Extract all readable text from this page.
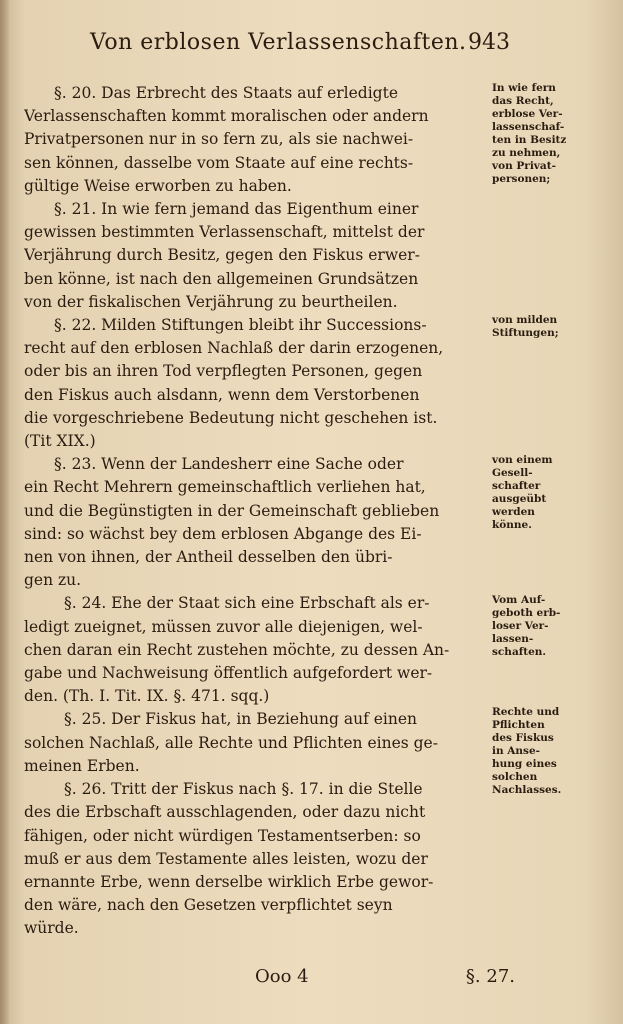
Von erblosen Verlassenschaften. 943

§. 20. Das Erbrecht des Staats auf erledigte
Verlassenschaften kommt moralischen oder andern
Privatpersonen nur in so fern zu, als sie nachwei-
sen können, dasselbe vom Staate auf eine rechts-
gültige Weise erworben zu haben.

§. 21. In wie fern jemand das Eigenthum einer
gewissen bestimmten Verlassenschaft, mittelst der
Verjährung durch Besitz, gegen den Fiskus erwer-
ben könne, ist nach den allgemeinen Grundsätzen
von der fiskalischen Verjährung zu beurtheilen.

§. 22. Milden Stiftungen bleibt ihr Successions-
recht auf den erblosen Nachlaß der darin erzogenen,
oder bis an ihren Tod verpflegten Personen, gegen
den Fiskus auch alsdann, wenn dem Verstorbenen
die vorgeschriebene Bedeutung nicht geschehen ist.
(Tit XIX.)

§. 23. Wenn der Landesherr eine Sache oder
ein Recht Mehrern gemeinschaftlich verliehen hat,
und die Begünstigten in der Gemeinschaft geblieben
sind: so wächst bey dem erblosen Abgange des Ei-
nen von ihnen, der Antheil desselben den übri-
gen zu.

§. 24. Ehe der Staat sich eine Erbschaft als er-
ledigt zueignet, müssen zuvor alle diejenigen, wel-
chen daran ein Recht zustehen möchte, zu dessen An-
gabe und Nachweisung öffentlich aufgefordert wer-
den. (Th. I. Tit. IX. §. 471. sqq.)

§. 25. Der Fiskus hat, in Beziehung auf einen
solchen Nachlaß, alle Rechte und Pflichten eines ge-
meinen Erben.

§. 26. Tritt der Fiskus nach §. 17. in die Stelle
des die Erbschaft ausschlagenden, oder dazu nicht
fähigen, oder nicht würdigen Testamentserben: so
muß er aus dem Testamente alles leisten, wozu der
ernannte Erbe, wenn derselbe wirklich Erbe gewor-
den wäre, nach den Gesetzen verpflichtet seyn
würde.

In wie fern
das Recht,
erblose Ver-
lassenschaf-
ten in Besitz
zu nehmen,
von Privat-
personen;
von milden
Stiftungen;
von einem
Gesell-
schafter
ausgeübt
werden
könne.
Vom Auf-
geboth erb-
loser Ver-
lassen-
schaften.
Rechte und
Pflichten
des Fiskus
in Anse-
hung eines
solchen
Nachlasses.
Ooo 4	§. 27.
